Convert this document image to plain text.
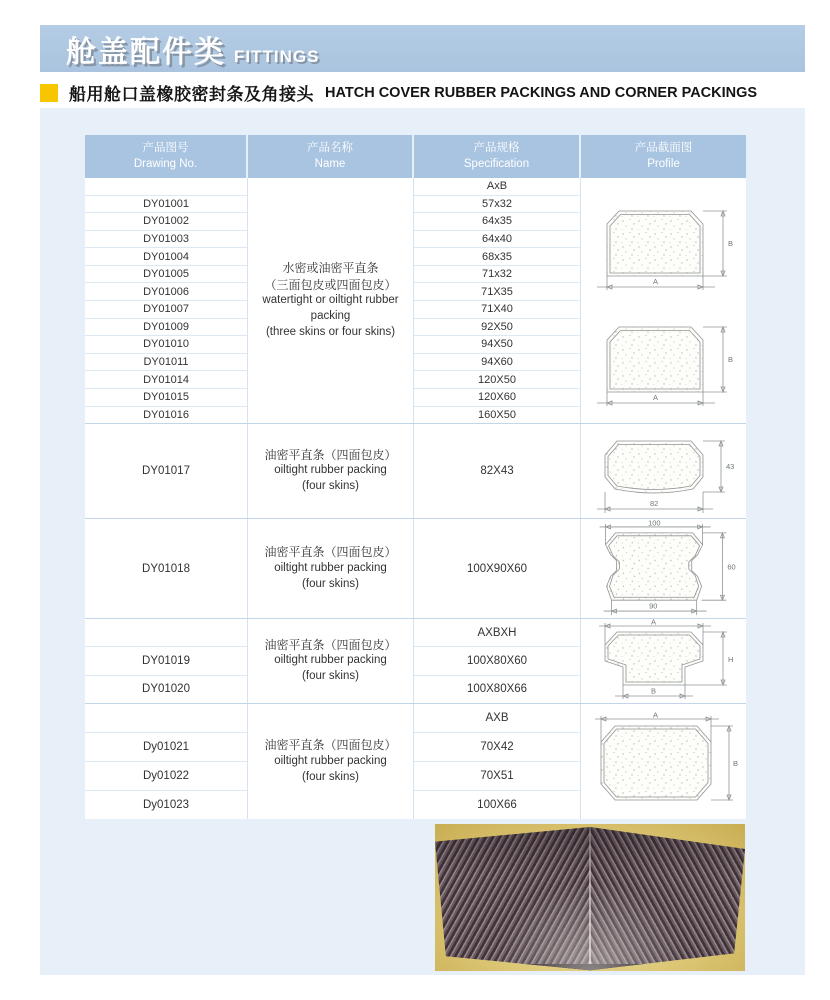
舱盖配件类 FITTINGS
船用舱口盖橡胶密封条及角接头 HATCH COVER RUBBER PACKINGS AND CORNER PACKINGS
产品图号
Drawing No.
产品名称
Name
产品规格
Specification
产品截面图
Profile
DY01001
DY01002
DY01003
DY01004
DY01005
DY01006
DY01007
DY01009
DY01010
DY01011
DY01014
DY01015
DY01016
水密或油密平直条
（三面包皮或四面包皮）
watertight or oiltight rubber
packing
(three skins or four skins)
AxB
57x32
64x35
64x40
68x35
71x32
71X35
71X40
92X50
94X50
94X60
120X50
120X60
160X50
B
A
B
A
DY01017
油密平直条（四面包皮）
oiltight rubber packing
(four skins)
82X43	43
82
DY01018
油密平直条（四面包皮）
oiltight rubber packing
(four skins)
100X90X60
100
60
90
DY01019
DY01020
油密平直条（四面包皮）
oiltight rubber packing
(four skins)
AXBXH
100X80X60
100X80X66
A
H
B
Dy01021
Dy01022
Dy01023
油密平直条（四面包皮）
oiltight rubber packing
(four skins)
AXB
70X42
70X51
100X66
A
B
